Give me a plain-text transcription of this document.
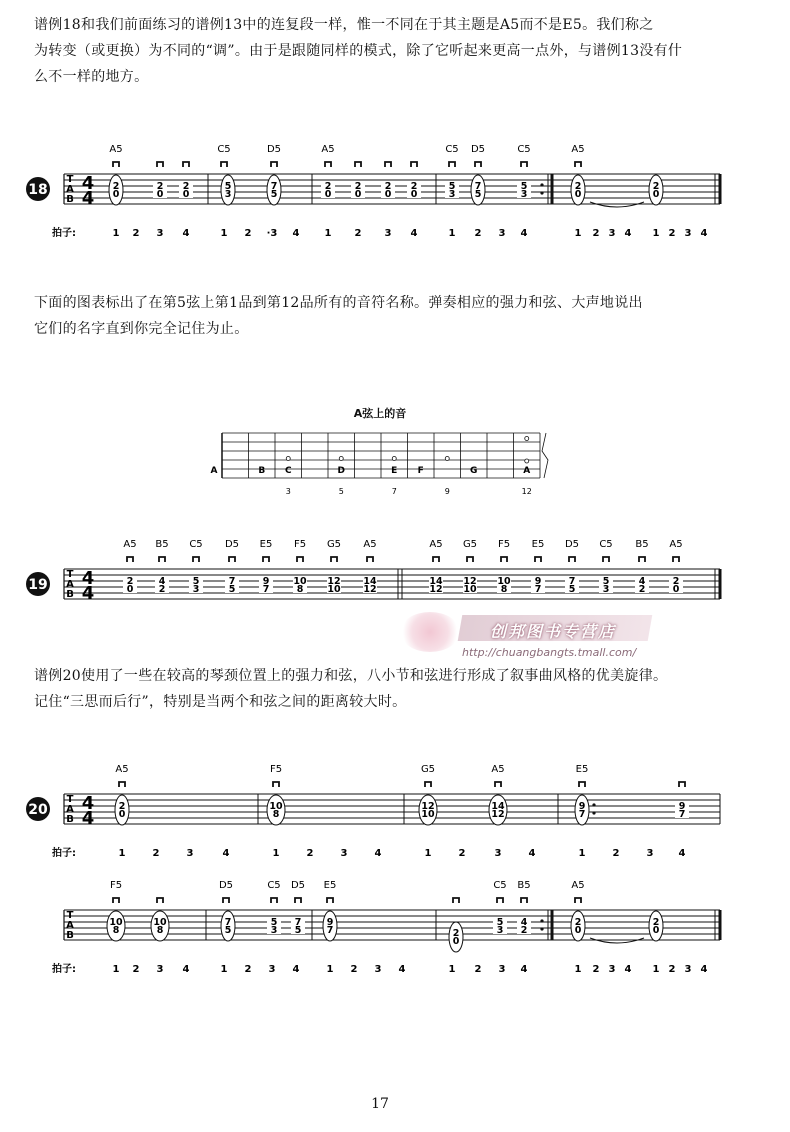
谱例18和我们前面练习的谱例13中的连复段一样，惟一不同在于其主题是A5而不是E5。我们称之
为转变（或更换）为不同的“调”。由于是跟随同样的模式，除了它听起来更高一点外，与谱例13没有什
么不一样的地方。
T
A
B
4
4
18
A5	C5	D5	A5	C5 D5	C5	A5
2
0
2
0
2
0
5
3
7
5
2
0
2
0
2
0
2
0
5
3
7
5
5
3
2
0
2
0
拍子:	1 2 3 4	1 2 ·3 4	1 2 3 4	1 2 3 4	1 2 3 4 1 2 3 4
下面的图表标出了在第5弦上第1品到第12品所有的音符名称。弹奏相应的强力和弦、大声地说出
它们的名字直到你完全记住为止。
A弦上的音
A	B C	D	E F	G	A
3	5	7	9	12
T
A
B
4
4
19
A5 B5 C5 D5 E5 F5 G5 A5	A5 G5 F5 E5 D5 C5 B5 A5
2
0
4
2
5
3
7
5
9
7
10
8
12
10
14
12
14
12
12
10
10
8
9
7
7
5
5
3
4
2
2
0
创邦图书专营店
http://chuangbangts.tmall.com/
谱例20使用了一些在较高的琴颈位置上的强力和弦，八小节和弦进行形成了叙事曲风格的优美旋律。
记住“三思而后行”，特别是当两个和弦之间的距离较大时。
T
A
B
4
4
20
A5	F5	G5	A5	E5
2
0
10
8
12
10
14
12
9
7
9
7
拍子:	1	2	3	4	1	2	3	4	1	2	3	4	1	2	3	4
T
A
B
F5	D5	C5 D5 E5	C5 B5	A5
10
8
10
8
7
5
5
3
7
5
9
7	2
0
5
3
4
2
2
0
2
0
拍子:	1 2 3 4	1 2 3 4	1 2 3 4	1 2 3 4	1 2 3 4 1 2 3 4
17
